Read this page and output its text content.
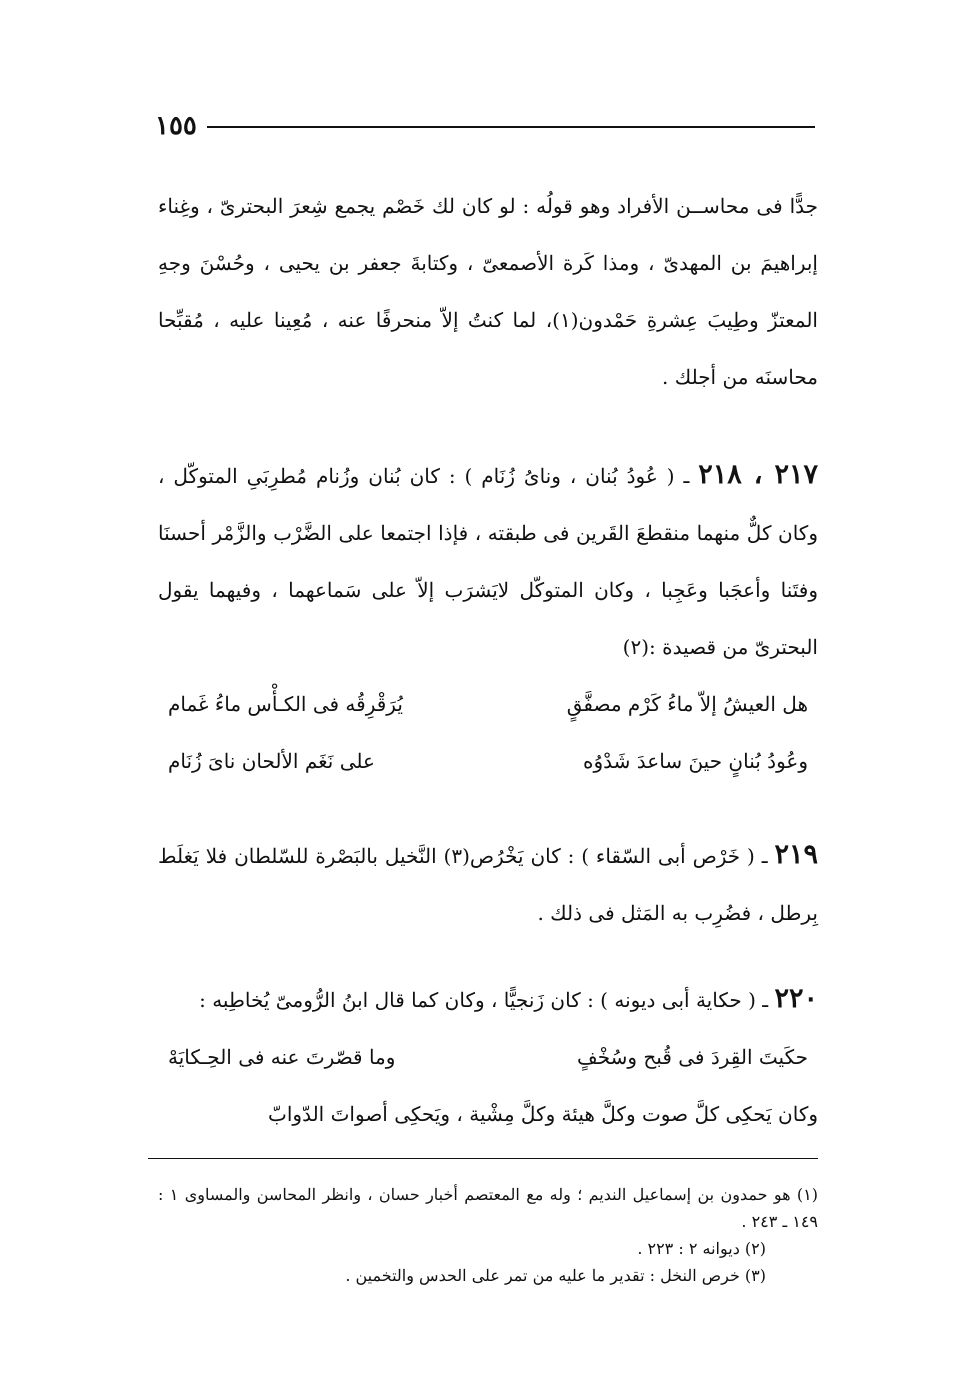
١٥٥

جدًّا فى محاســن الأفراد وهو قولُه : لو كان لك خَصْم يجمع شِعرَ البحترىّ ، وغِناء إبراهيمَ بن المهدىّ ، ومذا كَرة الأصمعىّ ، وكتابةَ جعفر بن يحيى ، وحُسْنَ وجهِ المعتزّ وطِيبَ عِشرةِ حَمْدون(١)، لما كنتُ إلاّ منحرفًا عنه ، مُعِينا عليه ، مُقبِّحا محاسنَه من أجلك .

٢١٧ ، ٢١٨ ـ ( عُودُ بُنان ، ونایُ زُنَام ) : كان بُنان وزُنام مُطرِبَىِ المتوكّل ، وكان كلٌّ منهما منقطعَ القَرين فى طبقته ، فإذا اجتمعا على الضَّرْب والزَّمْر أحسنَا وفتَنا وأعجَبا وعَجِبا ، وكان المتوكّل لايَشرَب إلاّ على سَماعهما ، وفيهما يقول البحترىّ من قصيدة :(٢)

هل العيشُ إلاّ ماءُ كَرْم مصفَّقٍ
يُرَقْرِقُه فى الكـأْس ماءُ غَمام
وعُودُ بُنانٍ حينَ ساعدَ شَدْوُه
على نَغَم الألحان نایَ زُنَام

٢١٩ ـ ( خَرْص أبى السّقاء ) : كان يَخْرُص(٣) النَّخيل بالبَصْرة للسّلطان فلا يَغلَط بِرطل ، فضُرِب به المَثل فى ذلك .

٢٢٠ ـ ( حكاية أبى ديونه ) : كان زَنجيًّا ، وكان كما قال ابنُ الرُّومىّ يُخاطِبه :

حكَيتَ القِردَ فى قُبح وسُخْفٍ
وما قصّرتَ عنه فى الحِـكايَهْ

وكان يَحكِى كلَّ صوت وكلَّ هيئة وكلَّ مِشْية ، ويَحكِى أصواتَ الدّوابّ

(١) هو حمدون بن إسماعيل النديم ؛ وله مع المعتصم أخبار حسان ، وانظر المحاسن والمساوى ١ : ١٤٩ ـ ٢٤٣ .

(٢) ديوانه ٢ : ٢٢٣ .

(٣) خرص النخل : تقدير ما عليه من تمر على الحدس والتخمين .
